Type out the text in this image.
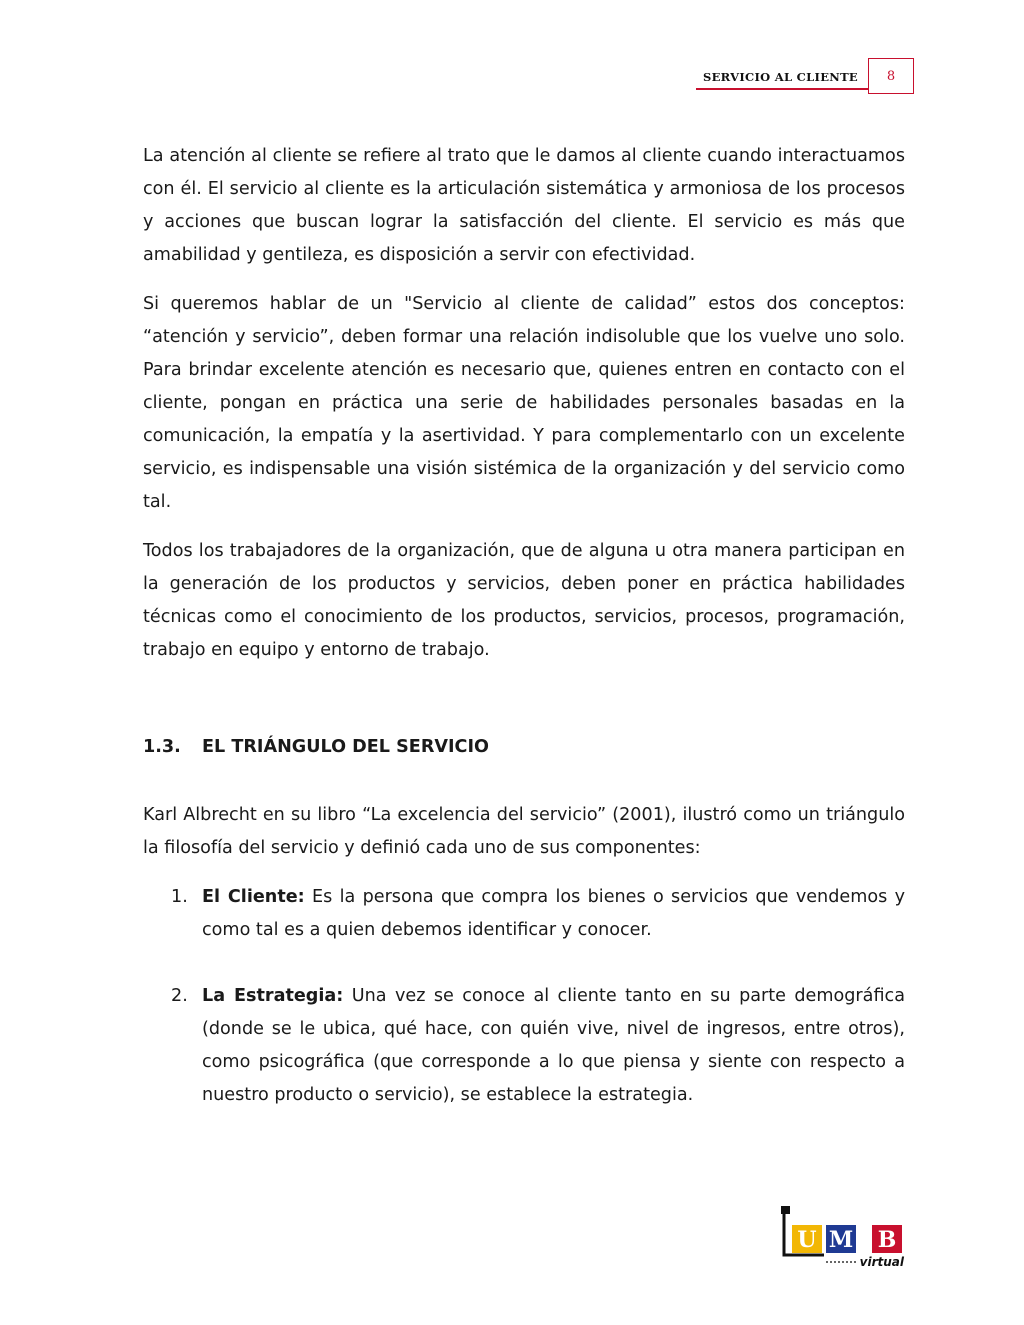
SERVICIO AL CLIENTE	8

La atención al cliente se refiere al trato que le damos al cliente cuando interactuamos con él. El servicio al cliente es la articulación sistemática y armoniosa de los procesos y acciones que buscan lograr la satisfacción del cliente. El servicio es más que amabilidad y gentileza, es disposición a servir con efectividad.

Si queremos hablar de un "Servicio al cliente de calidad” estos dos conceptos: “atención y servicio”, deben formar una relación indisoluble que los vuelve uno solo. Para brindar excelente atención es necesario que, quienes entren en contacto con el cliente, pongan en práctica una serie de habilidades personales basadas en la comunicación, la empatía y la asertividad. Y para complementarlo con un excelente servicio, es indispensable una visión sistémica de la organización y del servicio como tal.

Todos los trabajadores de la organización, que de alguna u otra manera participan en la generación de los productos y servicios, deben poner en práctica habilidades técnicas como el conocimiento de los productos, servicios, procesos, programación, trabajo en equipo y entorno de trabajo.

1.3. EL TRIÁNGULO DEL SERVICIO

Karl Albrecht en su libro “La excelencia del servicio” (2001), ilustró como un triángulo la filosofía del servicio y definió cada uno de sus componentes:

1. El Cliente: Es la persona que compra los bienes o servicios que vendemos y como tal es a quien debemos identificar y conocer.
2. La Estrategia: Una vez se conoce al cliente tanto en su parte demográfica (donde se le ubica, qué hace, con quién vive, nivel de ingresos, entre otros), como psicográfica (que corresponde a lo que piensa y siente con respecto a nuestro producto o servicio), se establece la estrategia.
U M B
virtual
